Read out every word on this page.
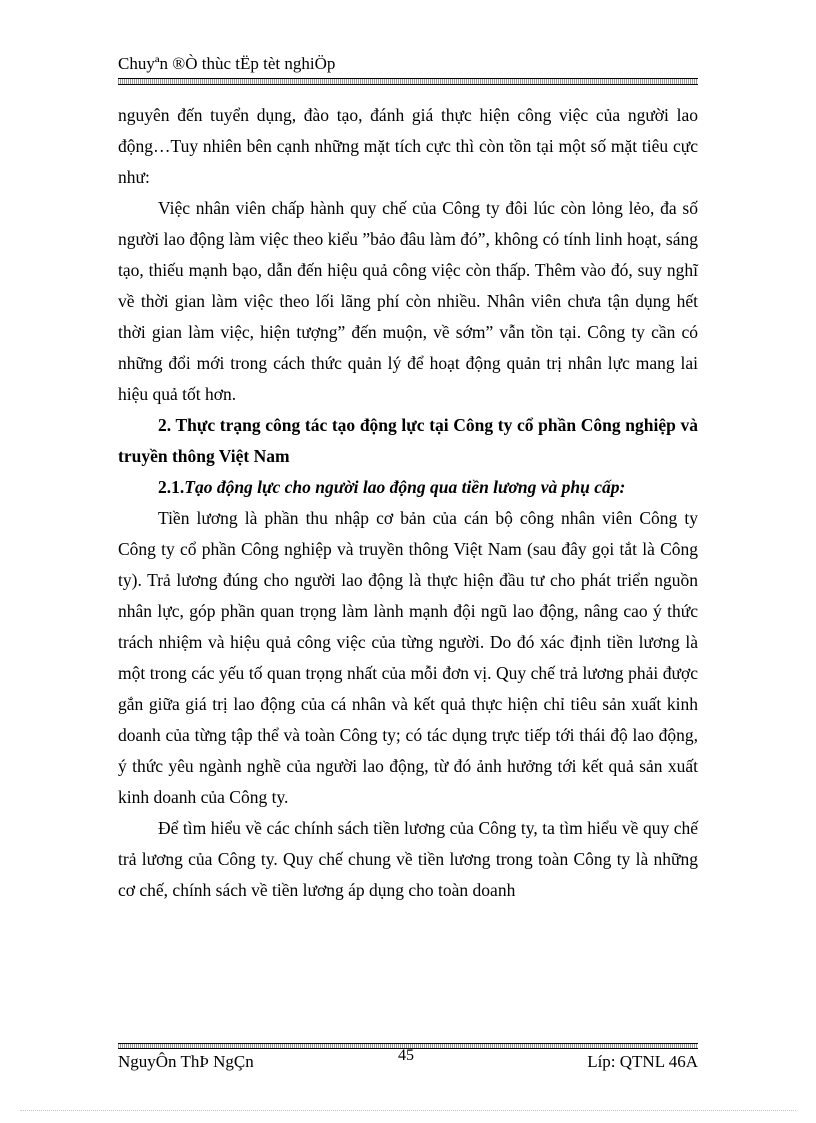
Chuyªn ®Ò thùc tËp tèt nghiÖp

nguyên đến tuyển dụng, đào tạo, đánh giá thực hiện công việc của người lao động…Tuy nhiên bên cạnh những mặt tích cực thì còn tồn tại một số mặt tiêu cực như:

Việc nhân viên chấp hành quy chế của Công ty đôi lúc còn lỏng lẻo, đa số người lao động làm việc theo kiểu ”bảo đâu làm đó”, không có tính linh hoạt, sáng tạo, thiếu mạnh bạo, dẫn đến hiệu quả công việc còn thấp. Thêm vào đó, suy nghĩ về thời gian làm việc theo lối lãng phí còn nhiều. Nhân viên chưa tận dụng hết thời gian làm việc, hiện tượng” đến muộn, về sớm” vẫn tồn tại. Công ty cần có những đổi mới trong cách thức quản lý để hoạt động quản trị nhân lực mang lai hiệu quả tốt hơn.

2. Thực trạng công tác tạo động lực tại Công ty cổ phần Công nghiệp và truyền thông Việt Nam

2.1.Tạo động lực cho người lao động qua tiền lương và phụ cấp:

Tiền lương là phần thu nhập cơ bản của cán bộ công nhân viên Công ty Công ty cổ phần Công nghiệp và truyền thông Việt Nam (sau đây gọi tắt là Công ty). Trả lương đúng cho người lao động là thực hiện đầu tư cho phát triển nguồn nhân lực, góp phần quan trọng làm lành mạnh đội ngũ lao động, nâng cao ý thức trách nhiệm và hiệu quả công việc của từng người. Do đó xác định tiền lương là một trong các yếu tố quan trọng nhất của mỗi đơn vị. Quy chế trả lương phải được gắn giữa giá trị lao động của cá nhân và kết quả thực hiện chỉ tiêu sản xuất kinh doanh của từng tập thể và toàn Công ty; có tác dụng trực tiếp tới thái độ lao động, ý thức yêu ngành nghề của người lao động, từ đó ảnh hưởng tới kết quả sản xuất kinh doanh của Công ty.

Để tìm hiểu về các chính sách tiền lương của Công ty, ta tìm hiểu về quy chế trả lương của Công ty. Quy chế chung về tiền lương trong toàn Công ty là những cơ chế, chính sách về tiền lương áp dụng cho toàn doanh

NguyÔn ThÞ NgÇn	45	Líp: QTNL 46A
